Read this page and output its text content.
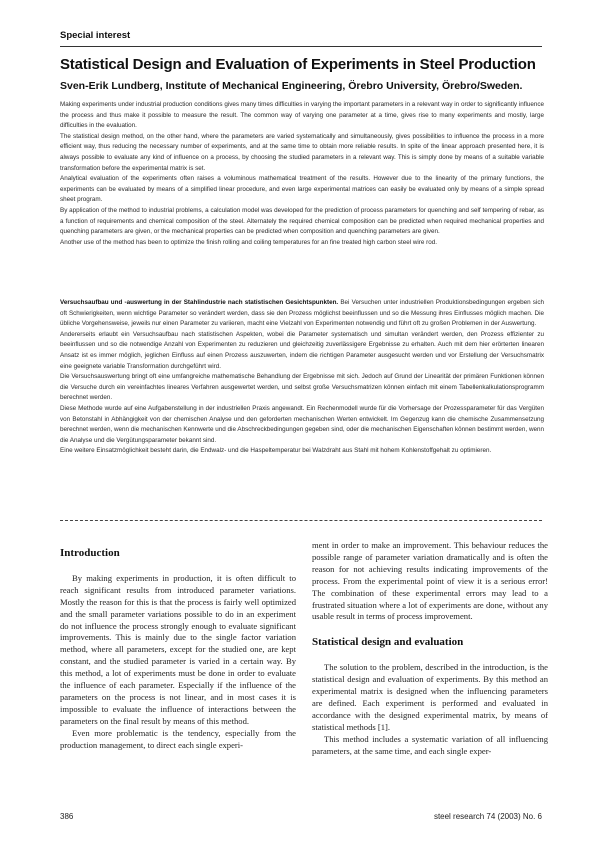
Special interest
Statistical Design and Evaluation of Experiments in Steel Production
Sven-Erik Lundberg, Institute of Mechanical Engineering, Örebro University, Örebro/Sweden.

Making experiments under industrial production conditions gives many times difficulties in varying the important parameters in a relevant way in order to significantly influence the process and thus make it possible to measure the result. The common way of varying one parameter at a time, gives rise to many experiments and mostly, large difficulties in the evaluation.

The statistical design method, on the other hand, where the parameters are varied systematically and simultaneously, gives possibilities to influence the process in a more efficient way, thus reducing the necessary number of experiments, and at the same time to obtain more reliable results. In spite of the linear approach presented here, it is always possible to evaluate any kind of influence on a process, by choosing the studied parameters in a relevant way. This is simply done by means of a suitable variable transformation before the experimental matrix is set.

Analytical evaluation of the experiments often raises a voluminous mathematical treatment of the results. However due to the linearity of the primary functions, the experiments can be evaluated by means of a simplified linear procedure, and even large experimental matrices can easily be evaluated only by means of a simple spread sheet program.

By application of the method to industrial problems, a calculation model was developed for the prediction of process parameters for quenching and self tempering of rebar, as a function of requirements and chemical composition of the steel. Alternately the required chemical composition can be predicted when required mechanical properties and quenching parameters are given, or the mechanical properties can be predicted when composition and quenching parameters are given.

Another use of the method has been to optimize the finish rolling and coiling temperatures for an fine treated high carbon steel wire rod.

Versuchsaufbau und -auswertung in der Stahlindustrie nach statistischen Gesichtspunkten. Bei Versuchen unter industriellen Produktionsbedingungen ergeben sich oft Schwierigkeiten, wenn wichtige Parameter so verändert werden, dass sie den Prozess möglichst beeinflussen und so die Messung ihres Einflusses möglich machen. Die übliche Vorgehensweise, jeweils nur einen Parameter zu variieren, macht eine Vielzahl von Experimenten notwendig und führt oft zu großen Problemen in der Auswertung.

Andererseits erlaubt ein Versuchsaufbau nach statistischen Aspekten, wobei die Parameter systematisch und simultan verändert werden, den Prozess effizienter zu beeinflussen und so die notwendige Anzahl von Experimenten zu reduzieren und gleichzeitig zuverlässigere Ergebnisse zu erhalten. Auch mit dem hier erörterten linearen Ansatz ist es immer möglich, jeglichen Einfluss auf einen Prozess auszuwerten, indem die richtigen Parameter ausgesucht werden und vor Erstellung der Versuchsmatrix eine geeignete variable Transformation durchgeführt wird.

Die Versuchsauswertung bringt oft eine umfangreiche mathematische Behandlung der Ergebnisse mit sich. Jedoch auf Grund der Linearität der primären Funktionen können die Versuche durch ein vereinfachtes lineares Verfahren ausgewertet werden, und selbst große Versuchsmatrizen können einfach mit einem Tabellenkalkulationsprogramm berechnet werden.

Diese Methode wurde auf eine Aufgabenstellung in der industriellen Praxis angewandt. Ein Rechenmodell wurde für die Vorhersage der Prozessparameter für das Vergüten von Betonstahl in Abhängigkeit von der chemischen Analyse und den geforderten mechanischen Werten entwickelt. Im Gegenzug kann die chemische Zusammensetzung berechnet werden, wenn die mechanischen Kennwerte und die Abschreckbedingungen gegeben sind, oder die mechanischen Eigenschaften können bestimmt werden, wenn die Analyse und die Vergütungsparameter bekannt sind.

Eine weitere Einsatzmöglichkeit besteht darin, die Endwalz- und die Haspeltemperatur bei Walzdraht aus Stahl mit hohem Kohlenstoffgehalt zu optimieren.

Introduction

By making experiments in production, it is often difficult to reach significant results from introduced parameter variations. Mostly the reason for this is that the process is fairly well optimized and the small parameter variations possible to do in an experiment do not influence the process strongly enough to evaluate significant improvements. This is mainly due to the single factor variation method, where all parameters, except for the studied one, are kept constant, and the studied parameter is varied in a certain way. By this method, a lot of experiments must be done in order to evaluate the influence of each parameter. Especially if the influence of the parameters on the process is not linear, and in most cases it is impossible to evaluate the influence of interactions between the parameters on the final result by means of this method.

Even more problematic is the tendency, especially from the production management, to direct each single experi-

ment in order to make an improvement. This behaviour reduces the possible range of parameter variation dramatically and is often the reason for not achieving results indicating improvements of the process. From the experimental point of view it is a serious error! The combination of these experimental errors may lead to a frustrated situation where a lot of experiments are done, without any usable result in terms of process improvement.

Statistical design and evaluation

The solution to the problem, described in the introduction, is the statistical design and evaluation of experiments. By this method an experimental matrix is designed when the influencing parameters are defined. Each experiment is performed and evaluated in accordance with the designed experimental matrix, by means of statistical methods [1].

This method includes a systematic variation of all influencing parameters, at the same time, and each single exper-

386	steel research 74 (2003) No. 6
